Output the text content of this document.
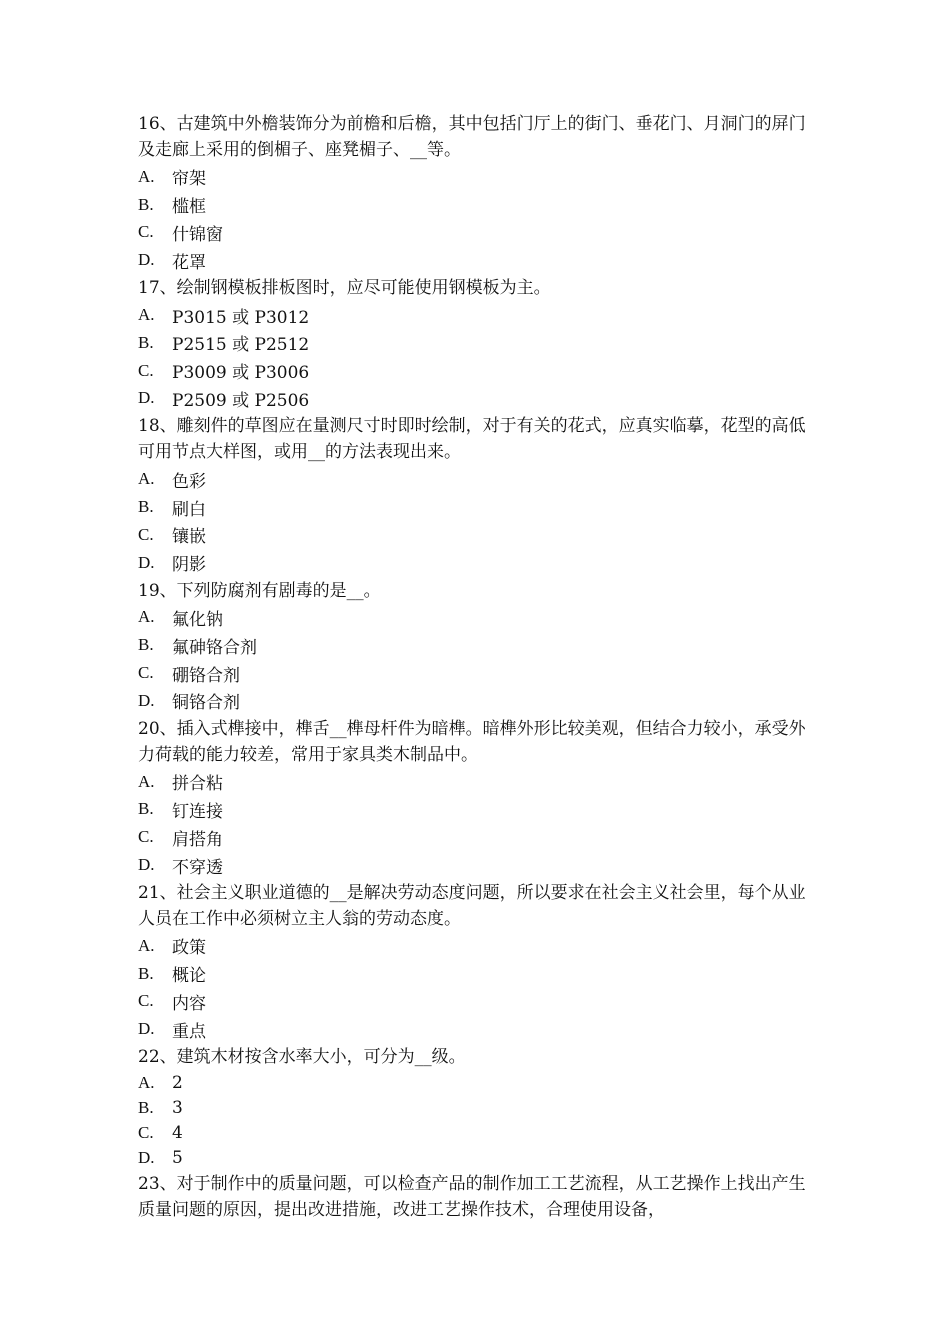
16、古建筑中外檐装饰分为前檐和后檐，其中包括门厅上的街门、垂花门、月洞门的屏门及走廊上采用的倒楣子、座凳楣子、__等。

A.	帘架
B.	槛框
C.	什锦窗
D.	花罩

17、绘制钢模板排板图时，应尽可能使用钢模板为主。

A.	P3015 或 P3012
B.	P2515 或 P2512
C.	P3009 或 P3006
D.	P2509 或 P2506

18、雕刻件的草图应在量测尺寸时即时绘制，对于有关的花式，应真实临摹，花型的高低可用节点大样图，或用__的方法表现出来。

A.	色彩
B.	刷白
C.	镶嵌
D.	阴影

19、下列防腐剂有剧毒的是__。

A.	氟化钠
B.	氟砷铬合剂
C.	硼铬合剂
D.	铜铬合剂

20、插入式榫接中，榫舌__榫母杆件为暗榫。暗榫外形比较美观，但结合力较小，承受外力荷载的能力较差，常用于家具类木制品中。

A.	拼合粘
B.	钉连接
C.	肩搭角
D.	不穿透

21、社会主义职业道德的__是解决劳动态度问题，所以要求在社会主义社会里，每个从业人员在工作中必须树立主人翁的劳动态度。

A.	政策
B.	概论
C.	内容
D.	重点

22、建筑木材按含水率大小，可分为__级。

A.	2
B.	3
C.	4
D.	5

23、对于制作中的质量问题，可以检查产品的制作加工工艺流程，从工艺操作上找出产生质量问题的原因，提出改进措施，改进工艺操作技术，合理使用设备，
